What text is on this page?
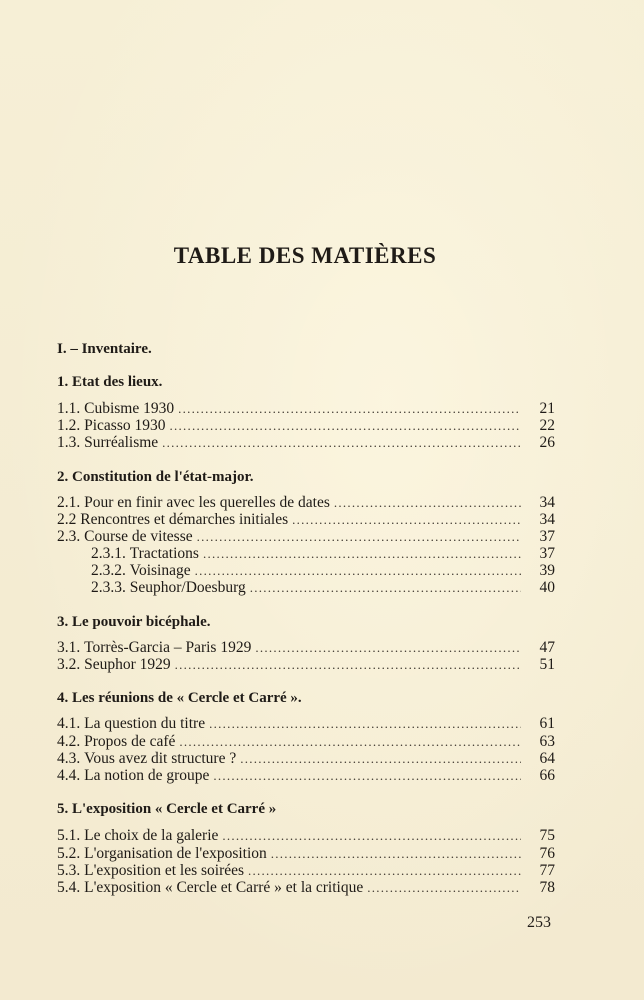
TABLE DES MATIÈRES
I. – Inventaire.
1. Etat des lieux.
1.1. Cubisme 1930 . . .	21
1.2. Picasso 1930 . . .	22
1.3. Surréalisme . . .	26
2. Constitution de l'état-major.
2.1. Pour en finir avec les querelles de dates . . .	34
2.2 Rencontres et démarches initiales . . .	34
2.3. Course de vitesse . . .	37
2.3.1. Tractations . . .	37
2.3.2. Voisinage . . .	39
2.3.3. Seuphor/Doesburg . . .	40
3. Le pouvoir bicéphale.
3.1. Torrès-Garcia – Paris 1929 . . .	47
3.2. Seuphor 1929 . . .	51
4. Les réunions de « Cercle et Carré ».
4.1. La question du titre . . .	61
4.2. Propos de café . . .	63
4.3. Vous avez dit structure ? . . .	64
4.4. La notion de groupe . . .	66
5. L'exposition « Cercle et Carré »
5.1. Le choix de la galerie . . .	75
5.2. L'organisation de l'exposition . . .	76
5.3. L'exposition et les soirées . . .	77
5.4. L'exposition « Cercle et Carré » et la critique . . .	78
253
